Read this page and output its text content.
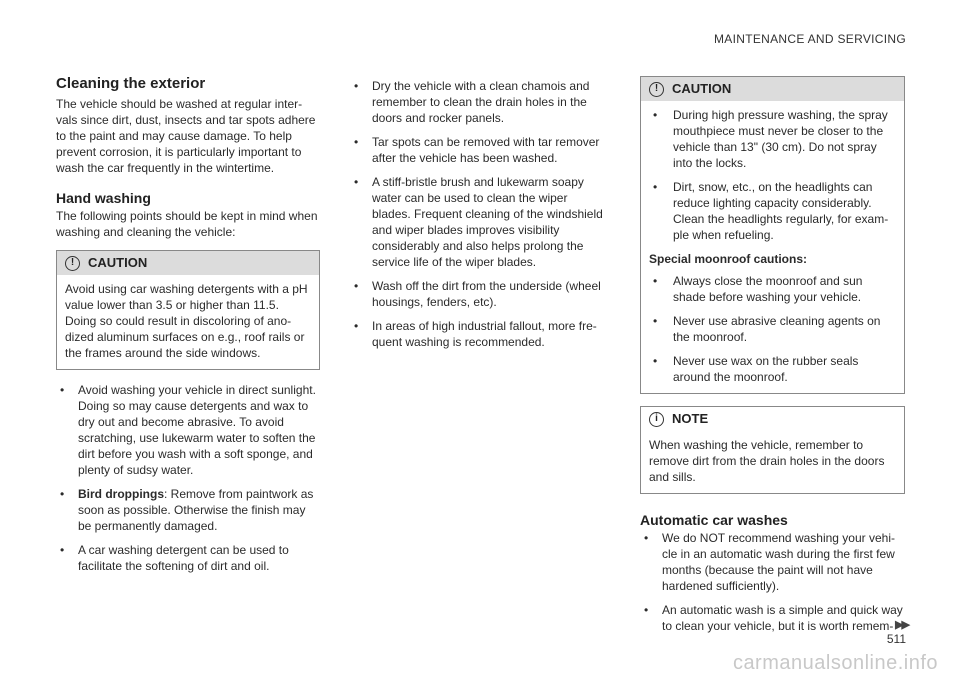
MAINTENANCE AND SERVICING
Cleaning the exterior

The vehicle should be washed at regular inter-vals since dirt, dust, insects and tar spots adhere to the paint and may cause damage. To help prevent corrosion, it is particularly important to wash the car frequently in the wintertime.

Hand washing

The following points should be kept in mind when washing and cleaning the vehicle:

!	CAUTION
Avoid using car washing detergents with a pH value lower than 3.5 or higher than 11.5. Doing so could result in discoloring of ano-dized aluminum surfaces on e.g., roof rails or the frames around the side windows.
• Avoid washing your vehicle in direct sunlight. Doing so may cause detergents and wax to dry out and become abrasive. To avoid scratching, use lukewarm water to soften the dirt before you wash with a soft sponge, and plenty of sudsy water.
• Bird droppings: Remove from paintwork as soon as possible. Otherwise the finish may be permanently damaged.
• A car washing detergent can be used to facilitate the softening of dirt and oil.
• Dry the vehicle with a clean chamois and remember to clean the drain holes in the doors and rocker panels.
• Tar spots can be removed with tar remover after the vehicle has been washed.
• A stiff-bristle brush and lukewarm soapy water can be used to clean the wiper blades. Frequent cleaning of the windshield and wiper blades improves visibility considerably and also helps prolong the service life of the wiper blades.
• Wash off the dirt from the underside (wheel housings, fenders, etc).
• In areas of high industrial fallout, more fre-quent washing is recommended.
!	CAUTION
• During high pressure washing, the spray mouthpiece must never be closer to the vehicle than 13" (30 cm). Do not spray into the locks.
• Dirt, snow, etc., on the headlights can reduce lighting capacity considerably. Clean the headlights regularly, for exam-ple when refueling.
Special moonroof cautions:
• Always close the moonroof and sun shade before washing your vehicle.
• Never use abrasive cleaning agents on the moonroof.
• Never use wax on the rubber seals around the moonroof.
i	NOTE
When washing the vehicle, remember to remove dirt from the drain holes in the doors and sills.
Automatic car washes
• We do NOT recommend washing your vehi-cle in an automatic wash during the first few months (because the paint will not have hardened sufficiently).
• An automatic wash is a simple and quick way to clean your vehicle, but it is worth remem- ▶▶
511
carmanualsonline.info
